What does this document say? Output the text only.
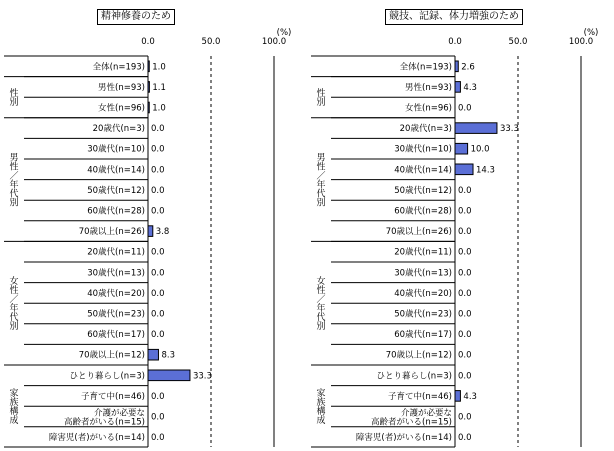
精神修養のため	競技、記録、体力増強のため
0.0	50.0	100.0
(%)
性別
男性／年代別
女性／年代別
家族構成
全体(n=193) 1.0
男性(n=93) 1.1
女性(n=96) 1.0
20歳代(n=3) 0.0
30歳代(n=10) 0.0
40歳代(n=14) 0.0
50歳代(n=12) 0.0
60歳代(n=28) 0.0
70歳以上(n=26) 3.8
20歳代(n=11) 0.0
30歳代(n=13) 0.0
40歳代(n=20) 0.0
50歳代(n=23) 0.0
60歳代(n=17) 0.0
70歳以上(n=12) 8.3
ひとり暮らし(n=3)	33.3
子育て中(n=46) 0.0
介護が必要な
高齢者がいる(n=15) 0.0
障害児(者)がいる(n=14) 0.0
0.0	50.0	100.0
(%)
性別
男性／年代別
女性／年代別
家族構成
全体(n=193) 2.6
男性(n=93) 4.3
女性(n=96) 0.0
20歳代(n=3)	33.3
30歳代(n=10) 10.0
40歳代(n=14)	14.3
50歳代(n=12) 0.0
60歳代(n=28) 0.0
70歳以上(n=26) 0.0
20歳代(n=11) 0.0
30歳代(n=13) 0.0
40歳代(n=20) 0.0
50歳代(n=23) 0.0
60歳代(n=17) 0.0
70歳以上(n=12) 0.0
ひとり暮らし(n=3) 0.0
子育て中(n=46) 4.3
介護が必要な
高齢者がいる(n=15) 0.0
障害児(者)がいる(n=14) 0.0
